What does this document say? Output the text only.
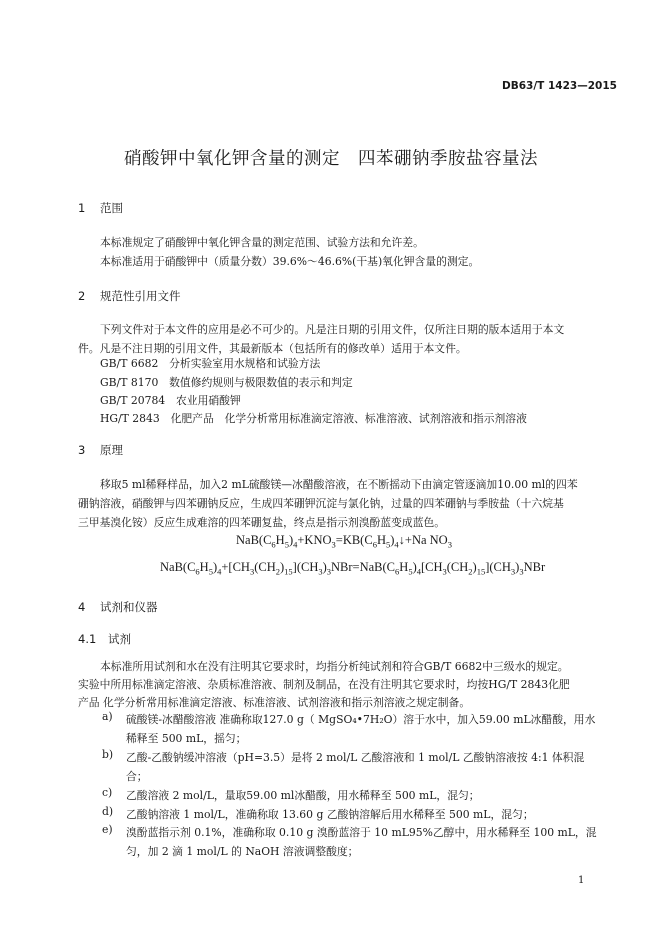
DB63/T 1423—2015
硝酸钾中氧化钾含量的测定　四苯硼钠季胺盐容量法
1 范围
本标准规定了硝酸钾中氧化钾含量的测定范围、试验方法和允许差。
本标准适用于硝酸钾中（质量分数）39.6%～46.6%(干基)氧化钾含量的测定。
2 规范性引用文件
下列文件对于本文件的应用是必不可少的。凡是注日期的引用文件，仅所注日期的版本适用于本文
件。凡是不注日期的引用文件，其最新版本（包括所有的修改单）适用于本文件。
GB/T 6682　分析实验室用水规格和试验方法
GB/T 8170　数值修约规则与极限数值的表示和判定
GB/T 20784　农业用硝酸钾
HG/T 2843　化肥产品　化学分析常用标准滴定溶液、标准溶液、试剂溶液和指示剂溶液
3 原理
移取5 ml稀释样品，加入2 mL硫酸镁—冰醋酸溶液，在不断摇动下由滴定管逐滴加10.00 ml的四苯
硼钠溶液，硝酸钾与四苯硼钠反应，生成四苯硼钾沉淀与氯化钠，过量的四苯硼钠与季胺盐（十六烷基
三甲基溴化铵）反应生成难溶的四苯硼复盐，终点是指示剂溴酚蓝变成蓝色。
$NaB(C_6H_5)_4+KNO_3=KB(C_6H_5)_4↓+Na$ $NO_3$
$NaB(C_6H_5)_4+[CH_3(CH_2)_{15}](CH_3)_3NBr=NaB(C_6H_5)_4[CH_3(CH_2)_{15}](CH_3)_3NBr$
4 试剂和仪器
4.1 试剂
本标准所用试剂和水在没有注明其它要求时，均指分析纯试剂和符合GB/T 6682中三级水的规定。
实验中所用标准滴定溶液、杂质标准溶液、制剂及制品，在没有注明其它要求时，均按HG/T 2843化肥
产品 化学分析常用标准滴定溶液、标准溶液、试剂溶液和指示剂溶液之规定制备。
a) 硫酸镁-冰醋酸溶液 准确称取127.0 g（ MgSO₄•7H₂O）溶于水中，加入59.00 mL冰醋酸，用水稀释至 500 mL，摇匀；
b) 乙酸-乙酸钠缓冲溶液（pH=3.5）是将 2 mol/L 乙酸溶液和 1 mol/L 乙酸钠溶液按 4:1 体积混合；
c) 乙酸溶液 2 mol/L，量取59.00 ml冰醋酸，用水稀释至 500 mL，混匀；
d) 乙酸钠溶液 1 mol/L，准确称取 13.60 g 乙酸钠溶解后用水稀释至 500 mL，混匀；
e) 溴酚蓝指示剂 0.1%，准确称取 0.10 g 溴酚蓝溶于 10 mL95%乙醇中，用水稀释至 100 mL，混匀，加 2 滴 1 mol/L 的 NaOH 溶液调整酸度；
1
